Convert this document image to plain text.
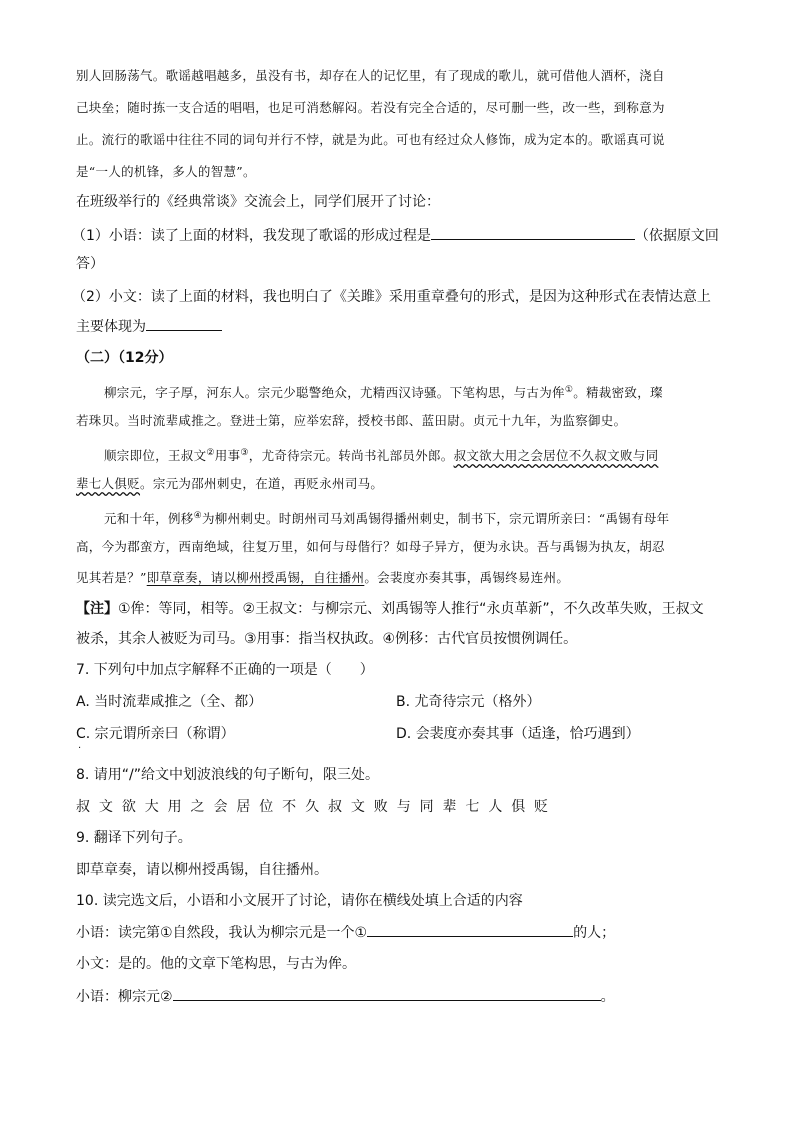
别人回肠荡气。歌谣越唱越多，虽没有书，却存在人的记忆里，有了现成的歌儿，就可借他人酒杯，浇自
己块垒；随时拣一支合适的唱唱，也足可消愁解闷。若没有完全合适的，尽可删一些，改一些，到称意为
止。流行的歌谣中往往不同的词句并行不悖，就是为此。可也有经过众人修饰，成为定本的。歌谣真可说
是“一人的机锋，多人的智慧”。
在班级举行的《经典常谈》交流会上，同学们展开了讨论：
（1）小语：读了上面的材料，我发现了歌谣的形成过程是	（依据原文回
答）
（2）小文：读了上面的材料，我也明白了《关雎》采用重章叠句的形式，是因为这种形式在表情达意上
主要体现为
（二）（12分）
柳宗元，字子厚，河东人。宗元少聪警绝众，尤精西汉诗骚。下笔构思，与古为侔①。精裁密致，璨
若珠贝。当时流辈咸推之。登进士第，应举宏辞，授校书郎、蓝田尉。贞元十九年，为监察御史。
顺宗即位，王叔文②用事③，尤奇待宗元。转尚书礼部员外郎。叔文欲大用之会居位不久叔文败与同
辈七人俱贬。宗元为邵州刺史，在道，再贬永州司马。
元和十年，例移④为柳州刺史。时朗州司马刘禹锡得播州刺史，制书下，宗元谓所亲曰：“禹锡有母年
高，今为郡蛮方，西南绝域，往复万里，如何与母偕行？如母子异方，便为永诀。吾与禹锡为执友，胡忍
见其若是？”即草章奏，请以柳州授禹锡，自往播州。会裴度亦奏其事，禹锡终易连州。
【注】①侔：等同，相等。②王叔文：与柳宗元、刘禹锡等人推行“永贞革新”，不久改革失败，王叔文
被杀，其余人被贬为司马。③用事：指当权执政。④例移：古代官员按惯例调任。
7. 下列句中加点字解释不正确的一项是（　　）
A. 当时流辈咸推之（全、都）	B. 尤奇待宗元（格外）
C. 宗元谓所亲曰（称谓）	D. 会裴度亦奏其事（适逢，恰巧遇到）
·
8. 请用“/”给文中划波浪线的句子断句，限三处。
叔 文 欲 大 用 之 会 居 位 不 久 叔 文 败 与 同 辈 七 人 俱 贬
9. 翻译下列句子。
即草章奏，请以柳州授禹锡，自往播州。
10. 读完选文后，小语和小文展开了讨论，请你在横线处填上合适的内容
小语：读完第①自然段，我认为柳宗元是一个①	的人；
小文：是的。他的文章下笔构思，与古为侔。
小语：柳宗元②	。
